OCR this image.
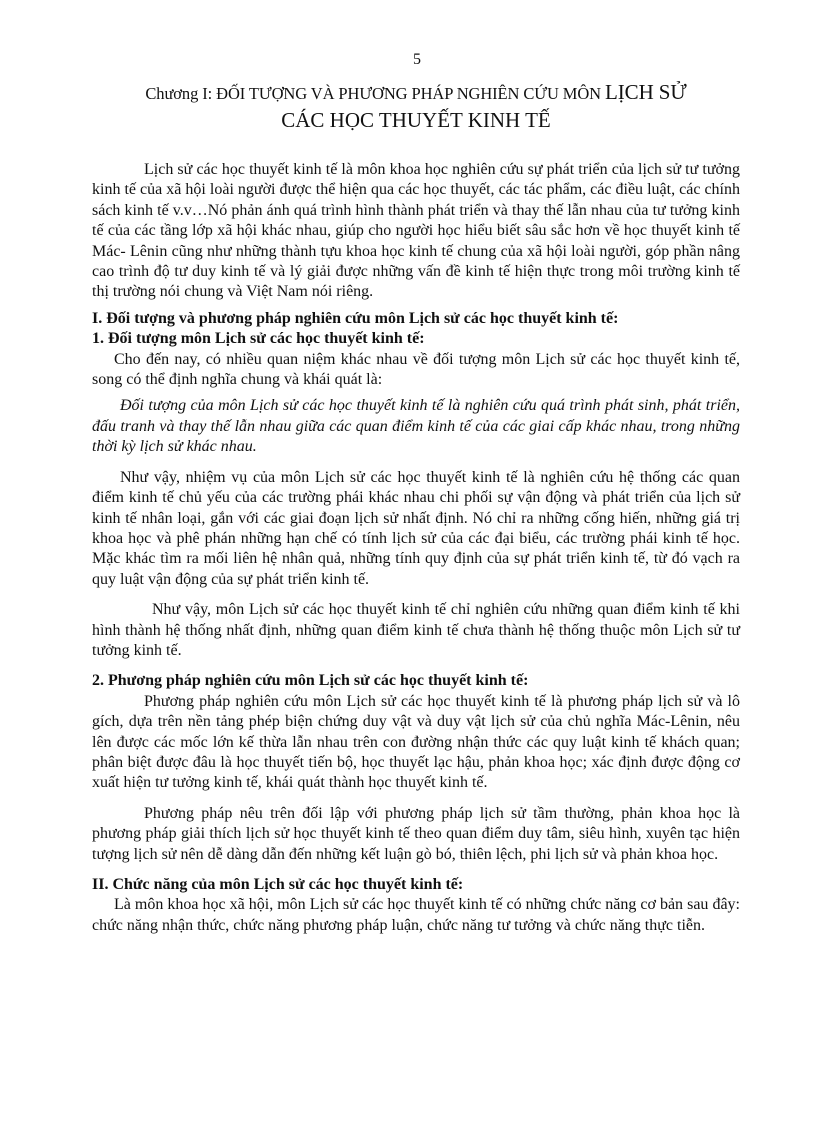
5
Chương I: ĐỐI TƯỢNG VÀ PHƯƠNG PHÁP NGHIÊN CỨU MÔN LỊCH SỬ
CÁC HỌC THUYẾT KINH TẾ

Lịch sử các học thuyết kinh tế là môn khoa học nghiên cứu sự phát triển của lịch sử tư tưởng kinh tế của xã hội loài người được thể hiện qua các học thuyết, các tác phẩm, các điều luật, các chính sách kinh tế v.v…Nó phản ánh quá trình hình thành phát triển và thay thế lẫn nhau của tư tưởng kinh tế của các tầng lớp xã hội khác nhau, giúp cho người học hiểu biết sâu sắc hơn về học thuyết kinh tế Mác- Lênin cũng như những thành tựu khoa học kinh tế chung của xã hội loài người, góp phần nâng cao trình độ tư duy kinh tế và lý giải được những vấn đề kinh tế hiện thực trong môi trường kinh tế thị trường nói chung và Việt Nam nói riêng.

I. Đối tượng và phương pháp nghiên cứu môn Lịch sử các học thuyết kinh tế:

1. Đối tượng môn Lịch sử các học thuyết kinh tế:

Cho đến nay, có nhiều quan niệm khác nhau về đối tượng môn Lịch sử các học thuyết kinh tế, song có thể định nghĩa chung và khái quát là:

Đối tượng của môn Lịch sử các học thuyết kinh tế là nghiên cứu quá trình phát sinh, phát triển, đấu tranh và thay thế lẫn nhau giữa các quan điểm kinh tế của các giai cấp khác nhau, trong những thời kỳ lịch sử khác nhau.

Như vậy, nhiệm vụ của môn Lịch sử các học thuyết kinh tế là nghiên cứu hệ thống các quan điểm kinh tế chủ yếu của các trường phái khác nhau chi phối sự vận động và phát triển của lịch sử kinh tế nhân loại, gắn với các giai đoạn lịch sử nhất định. Nó chỉ ra những cống hiến, những giá trị khoa học và phê phán những hạn chế có tính lịch sử của các đại biểu, các trường phái kinh tế học. Mặc khác tìm ra mối liên hệ nhân quả, những tính quy định của sự phát triển kinh tế, từ đó vạch ra quy luật vận động của sự phát triển kinh tế.

Như vậy, môn Lịch sử các học thuyết kinh tế chỉ nghiên cứu những quan điểm kinh tế khi hình thành hệ thống nhất định, những quan điểm kinh tế chưa thành hệ thống thuộc môn Lịch sử tư tưởng kinh tế.

2. Phương pháp nghiên cứu môn Lịch sử các học thuyết kinh tế:

Phương pháp nghiên cứu môn Lịch sử các học thuyết kinh tế là phương pháp lịch sử và lô gích, dựa trên nền tảng phép biện chứng duy vật và duy vật lịch sử của chủ nghĩa Mác-Lênin, nêu lên được các mốc lớn kế thừa lẫn nhau trên con đường nhận thức các quy luật kinh tế khách quan; phân biệt được đâu là học thuyết tiến bộ, học thuyết lạc hậu, phản khoa học; xác định được động cơ xuất hiện tư tưởng kinh tế, khái quát thành học thuyết kinh tế.

Phương pháp nêu trên đối lập với phương pháp lịch sử tầm thường, phản khoa học là phương pháp giải thích lịch sử học thuyết kinh tế theo quan điểm duy tâm, siêu hình, xuyên tạc hiện tượng lịch sử nên dễ dàng dẫn đến những kết luận gò bó, thiên lệch, phi lịch sử và phản khoa học.

II. Chức năng của môn Lịch sử các học thuyết kinh tế:

Là môn khoa học xã hội, môn Lịch sử các học thuyết kinh tế có những chức năng cơ bản sau đây: chức năng nhận thức, chức năng phương pháp luận, chức năng tư tưởng và chức năng thực tiễn.
